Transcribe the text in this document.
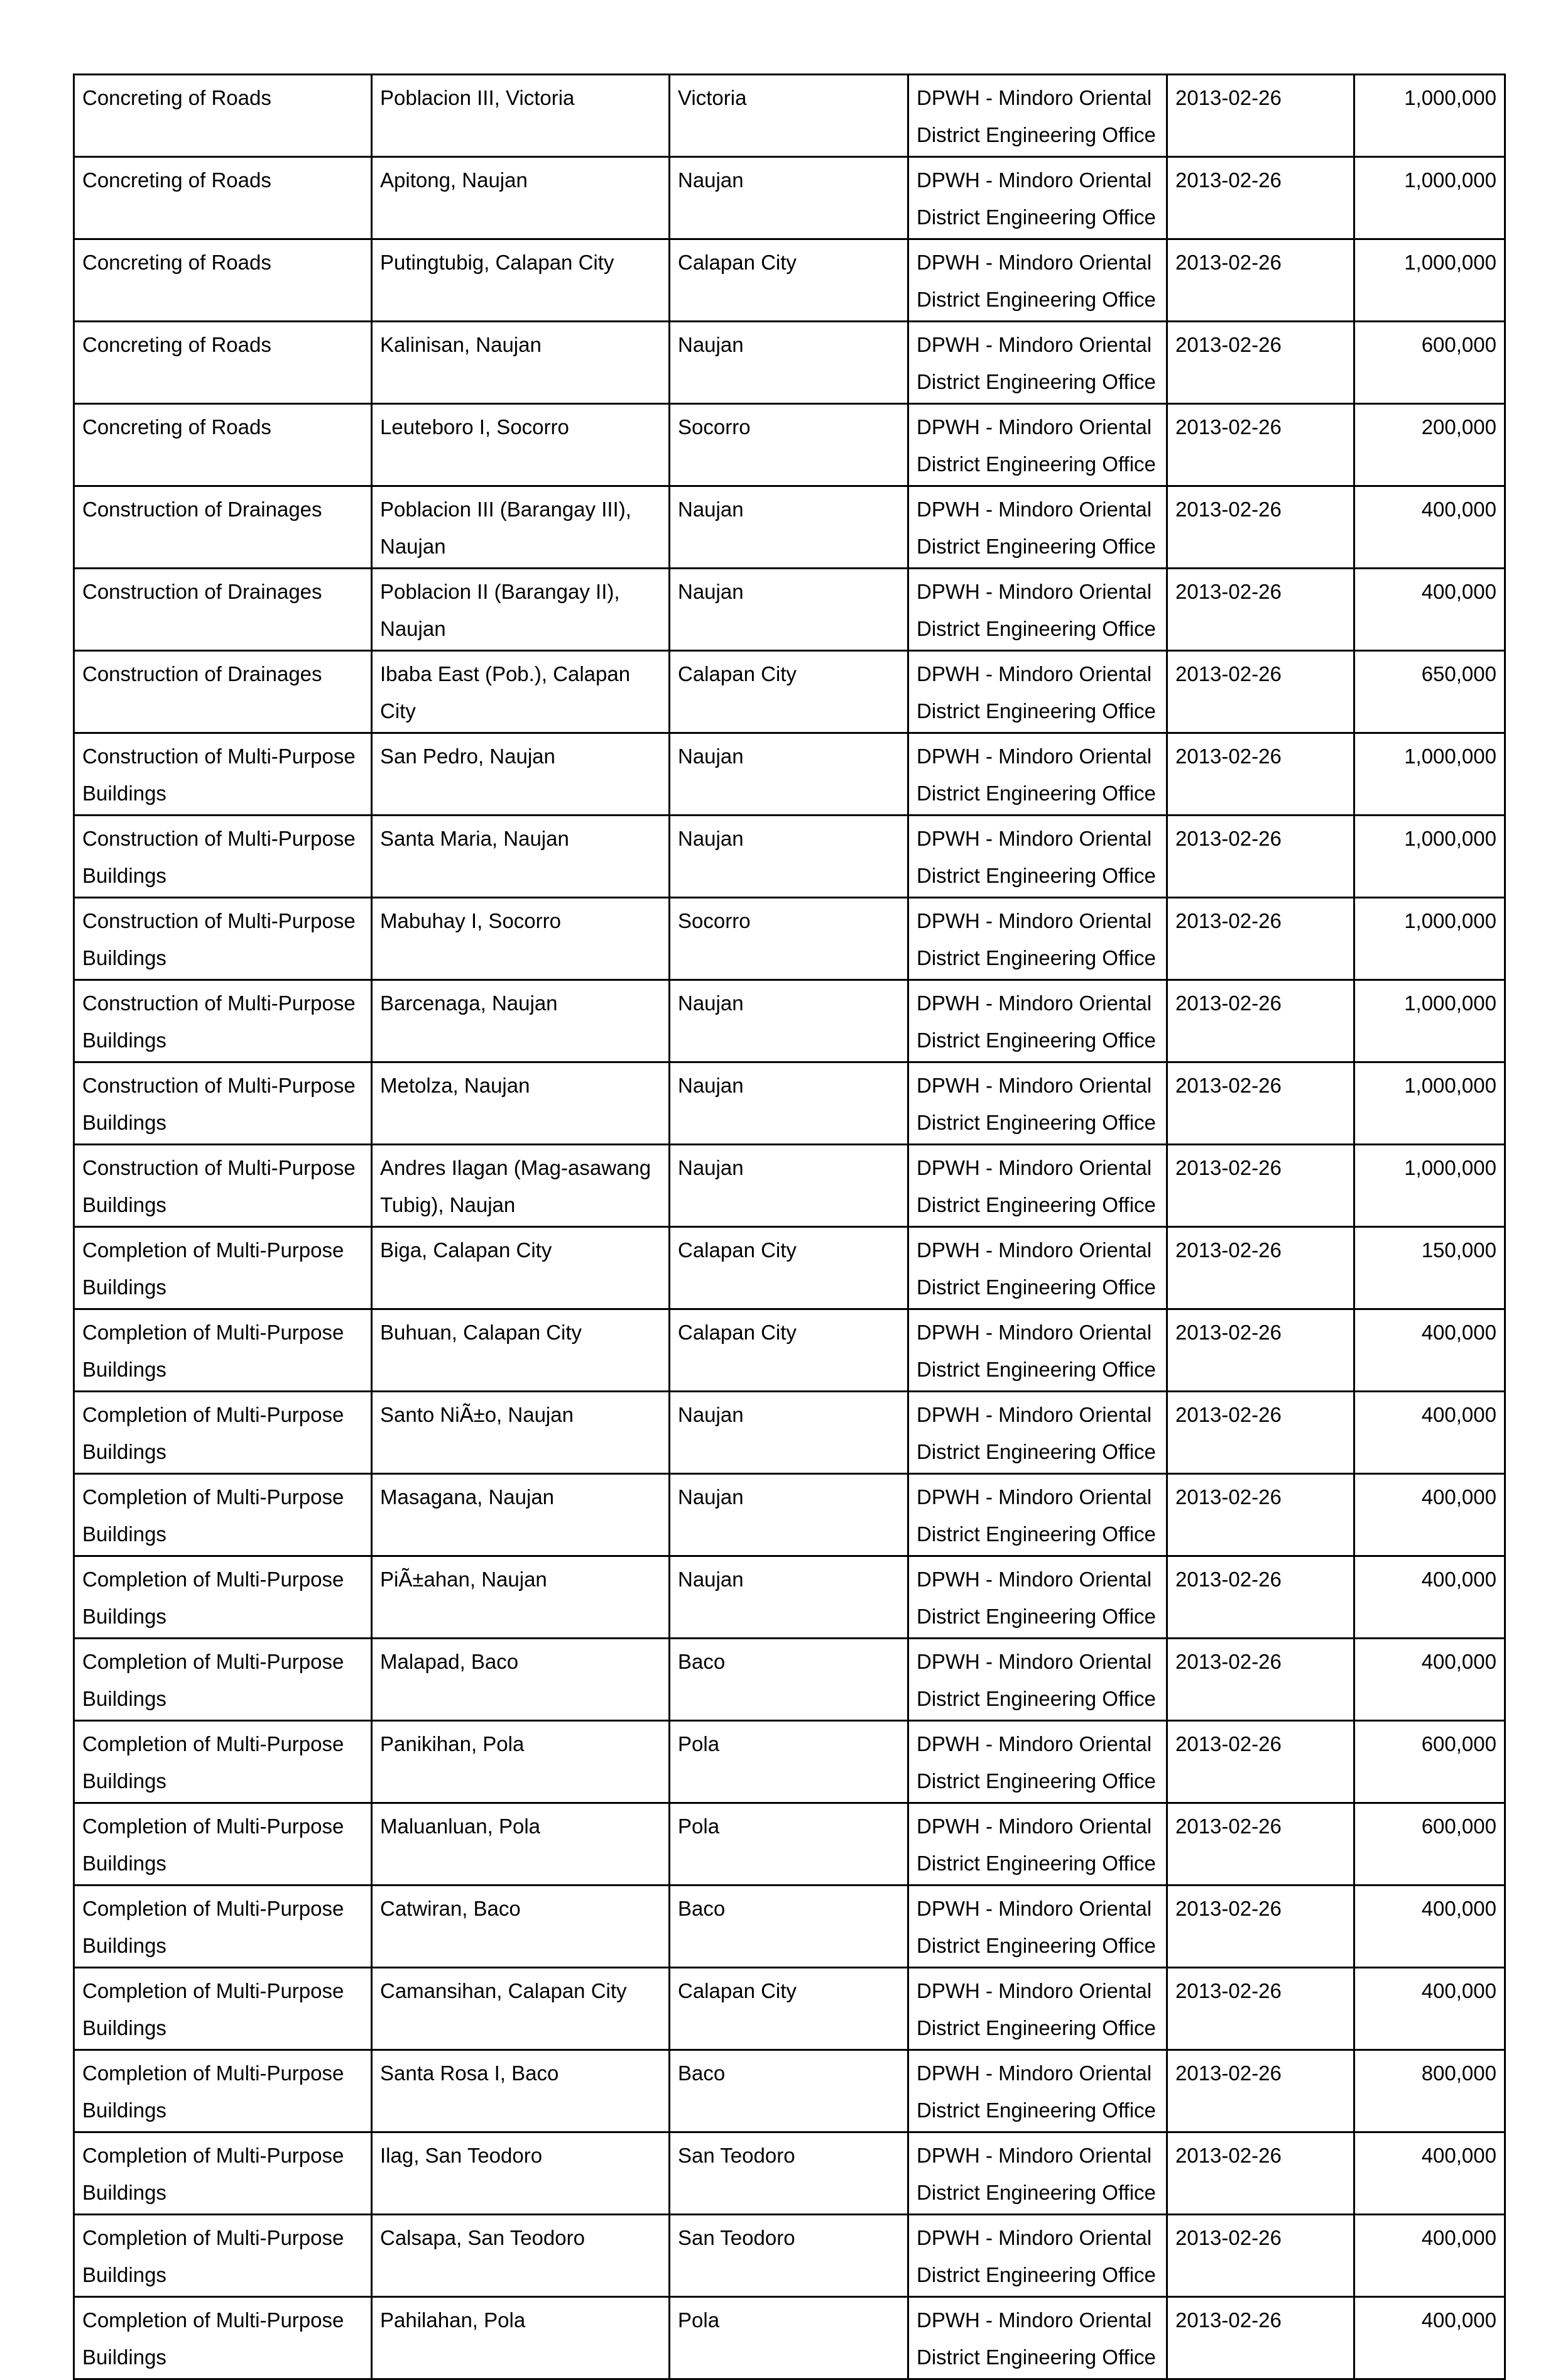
Concreting of Roads	Poblacion III, Victoria	Victoria	DPWH - Mindoro Oriental District Engineering Office	2013-02-26	1,000,000
Concreting of Roads	Apitong, Naujan	Naujan	DPWH - Mindoro Oriental District Engineering Office	2013-02-26	1,000,000
Concreting of Roads	Putingtubig, Calapan City	Calapan City	DPWH - Mindoro Oriental District Engineering Office	2013-02-26	1,000,000
Concreting of Roads	Kalinisan, Naujan	Naujan	DPWH - Mindoro Oriental District Engineering Office	2013-02-26	600,000
Concreting of Roads	Leuteboro I, Socorro	Socorro	DPWH - Mindoro Oriental District Engineering Office	2013-02-26	200,000
Construction of Drainages	Poblacion III (Barangay III), Naujan	Naujan	DPWH - Mindoro Oriental District Engineering Office	2013-02-26	400,000
Construction of Drainages	Poblacion II (Barangay II), Naujan	Naujan	DPWH - Mindoro Oriental District Engineering Office	2013-02-26	400,000
Construction of Drainages	Ibaba East (Pob.), Calapan City	Calapan City	DPWH - Mindoro Oriental District Engineering Office	2013-02-26	650,000
Construction of Multi-Purpose Buildings	San Pedro, Naujan	Naujan	DPWH - Mindoro Oriental District Engineering Office	2013-02-26	1,000,000
Construction of Multi-Purpose Buildings	Santa Maria, Naujan	Naujan	DPWH - Mindoro Oriental District Engineering Office	2013-02-26	1,000,000
Construction of Multi-Purpose Buildings	Mabuhay I, Socorro	Socorro	DPWH - Mindoro Oriental District Engineering Office	2013-02-26	1,000,000
Construction of Multi-Purpose Buildings	Barcenaga, Naujan	Naujan	DPWH - Mindoro Oriental District Engineering Office	2013-02-26	1,000,000
Construction of Multi-Purpose Buildings	Metolza, Naujan	Naujan	DPWH - Mindoro Oriental District Engineering Office	2013-02-26	1,000,000
Construction of Multi-Purpose Buildings	Andres Ilagan (Mag-asawang Tubig), Naujan	Naujan	DPWH - Mindoro Oriental District Engineering Office	2013-02-26	1,000,000
Completion of Multi-Purpose Buildings	Biga, Calapan City	Calapan City	DPWH - Mindoro Oriental District Engineering Office	2013-02-26	150,000
Completion of Multi-Purpose Buildings	Buhuan, Calapan City	Calapan City	DPWH - Mindoro Oriental District Engineering Office	2013-02-26	400,000
Completion of Multi-Purpose Buildings	Santo NiÃ±o, Naujan	Naujan	DPWH - Mindoro Oriental District Engineering Office	2013-02-26	400,000
Completion of Multi-Purpose Buildings	Masagana, Naujan	Naujan	DPWH - Mindoro Oriental District Engineering Office	2013-02-26	400,000
Completion of Multi-Purpose Buildings	PiÃ±ahan, Naujan	Naujan	DPWH - Mindoro Oriental District Engineering Office	2013-02-26	400,000
Completion of Multi-Purpose Buildings	Malapad, Baco	Baco	DPWH - Mindoro Oriental District Engineering Office	2013-02-26	400,000
Completion of Multi-Purpose Buildings	Panikihan, Pola	Pola	DPWH - Mindoro Oriental District Engineering Office	2013-02-26	600,000
Completion of Multi-Purpose Buildings	Maluanluan, Pola	Pola	DPWH - Mindoro Oriental District Engineering Office	2013-02-26	600,000
Completion of Multi-Purpose Buildings	Catwiran, Baco	Baco	DPWH - Mindoro Oriental District Engineering Office	2013-02-26	400,000
Completion of Multi-Purpose Buildings	Camansihan, Calapan City	Calapan City	DPWH - Mindoro Oriental District Engineering Office	2013-02-26	400,000
Completion of Multi-Purpose Buildings	Santa Rosa I, Baco	Baco	DPWH - Mindoro Oriental District Engineering Office	2013-02-26	800,000
Completion of Multi-Purpose Buildings	Ilag, San Teodoro	San Teodoro	DPWH - Mindoro Oriental District Engineering Office	2013-02-26	400,000
Completion of Multi-Purpose Buildings	Calsapa, San Teodoro	San Teodoro	DPWH - Mindoro Oriental District Engineering Office	2013-02-26	400,000
Completion of Multi-Purpose Buildings	Pahilahan, Pola	Pola	DPWH - Mindoro Oriental District Engineering Office	2013-02-26	400,000
